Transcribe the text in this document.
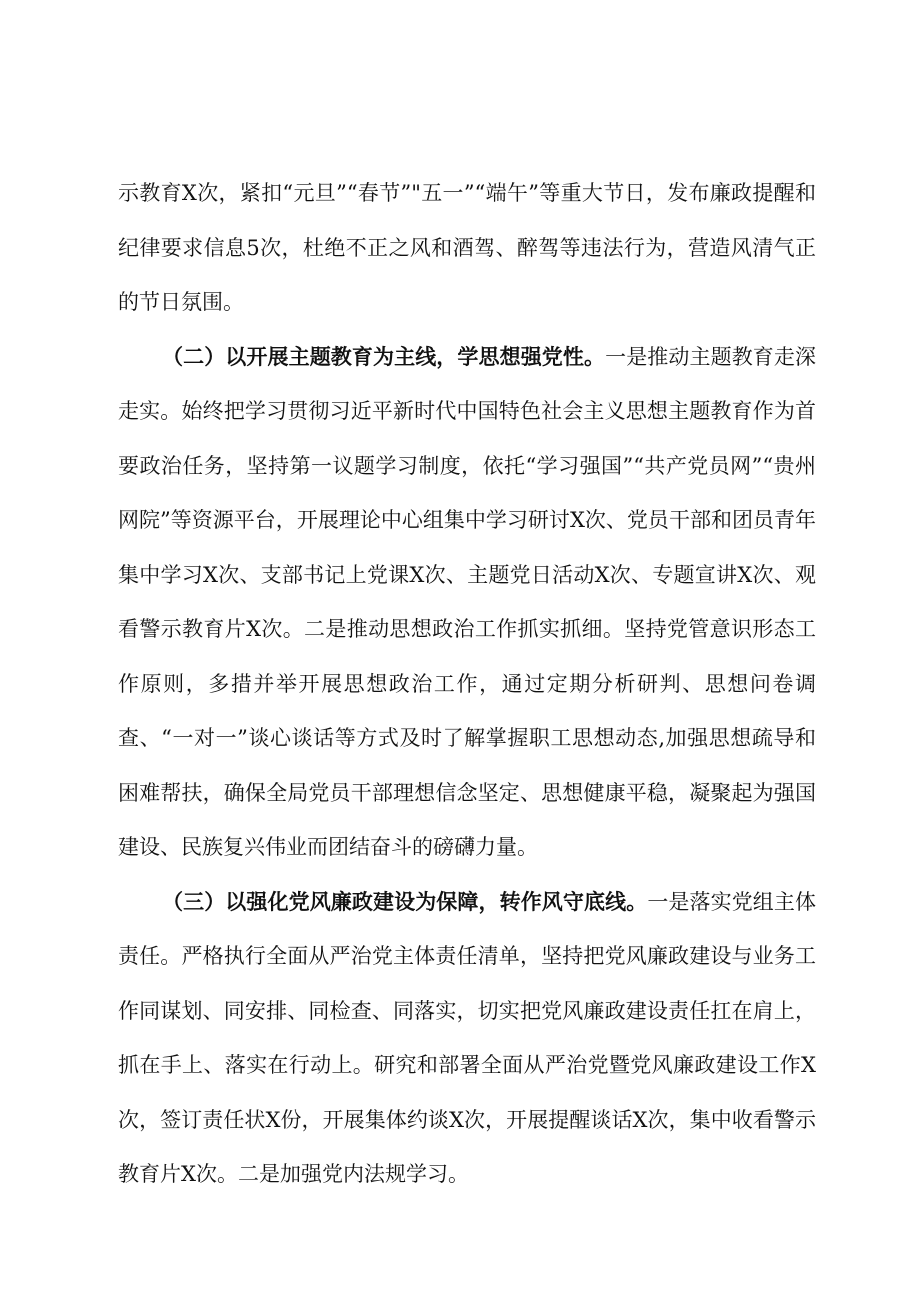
示教育X次，紧扣“元旦”“春节”"五一”“端午”等重大节日，发布廉政提醒和纪律要求信息5次，杜绝不正之风和酒驾、醉驾等违法行为，营造风清气正的节日氛围。

（二）以开展主题教育为主线，学思想强党性。一是推动主题教育走深走实。始终把学习贯彻习近平新时代中国特色社会主义思想主题教育作为首要政治任务，坚持第一议题学习制度，依托“学习强国”“共产党员网”“贵州网院”等资源平台，开展理论中心组集中学习研讨X次、党员干部和团员青年集中学习X次、支部书记上党课X次、主题党日活动X次、专题宣讲X次、观看警示教育片X次。二是推动思想政治工作抓实抓细。坚持党管意识形态工作原则，多措并举开展思想政治工作，通过定期分析研判、思想问卷调查、“一对一”谈心谈话等方式及时了解掌握职工思想动态,加强思想疏导和困难帮扶，确保全局党员干部理想信念坚定、思想健康平稳，凝聚起为强国建设、民族复兴伟业而团结奋斗的磅礴力量。

（三）以强化党风廉政建设为保障，转作风守底线。一是落实党组主体责任。严格执行全面从严治党主体责任清单，坚持把党风廉政建设与业务工作同谋划、同安排、同检查、同落实，切实把党风廉政建设责任扛在肩上，抓在手上、落实在行动上。研究和部署全面从严治党暨党风廉政建设工作X次，签订责任状X份，开展集体约谈X次，开展提醒谈话X次，集中收看警示教育片X次。二是加强党内法规学习。
